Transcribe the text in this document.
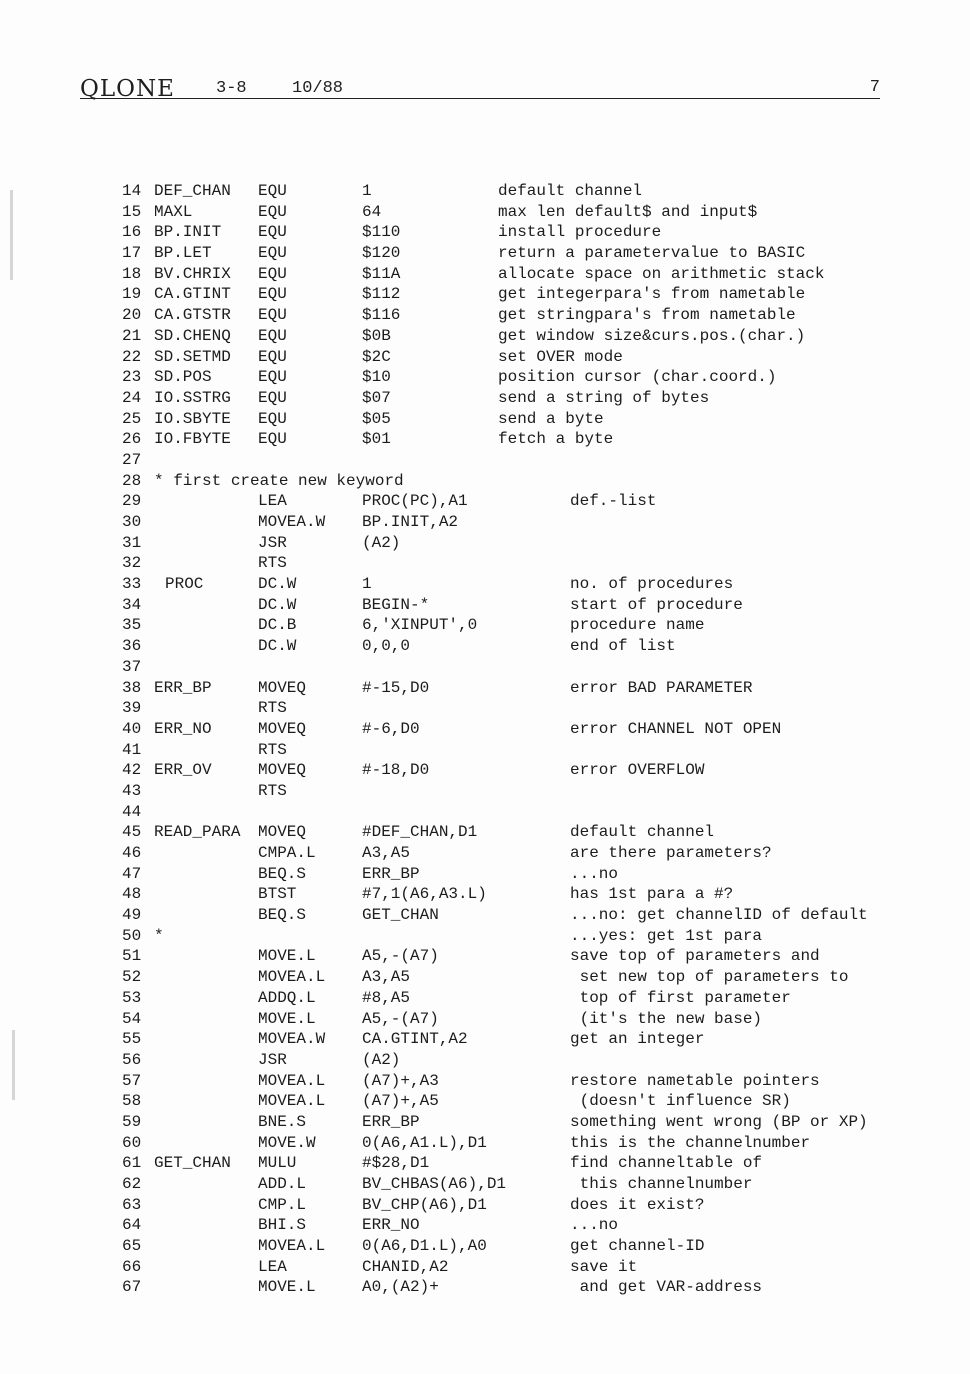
QLONE 3-8	10/88	7
14 DEF_CHAN EQU	1	default channel
15 MAXL	EQU	64	max len default$ and input$
16 BP.INIT EQU	$110	install procedure
17 BP.LET	EQU	$120	return a parametervalue to BASIC
18 BV.CHRIX EQU	$11A	allocate space on arithmetic stack
19 CA.GTINT EQU	$112	get integerpara's from nametable
20 CA.GTSTR EQU	$116	get stringpara's from nametable
21 SD.CHENQ EQU	$0B	get window size&curs.pos.(char.)
22 SD.SETMD EQU	$2C	set OVER mode
23 SD.POS	EQU	$10	position cursor (char.coord.)
24 IO.SSTRG EQU	$07	send a string of bytes
25 IO.SBYTE EQU	$05	send a byte
26 IO.FBYTE EQU	$01	fetch a byte
27
28 * first create new keyword
29	LEA	PROC(PC),A1	def.-list
30	MOVEA.W BP.INIT,A2
31	JSR	(A2)
32	RTS
33 PROC	DC.W	1	no. of procedures
34	DC.W	BEGIN-*	start of procedure
35	DC.B	6,'XINPUT',0	procedure name
36	DC.W	0,0,0	end of list
37
38 ERR_BP	MOVEQ	#-15,D0	error BAD PARAMETER
39	RTS
40 ERR_NO	MOVEQ	#-6,D0	error CHANNEL NOT OPEN
41	RTS
42 ERR_OV	MOVEQ	#-18,D0	error OVERFLOW
43	RTS
44
45 READ_PARA MOVEQ	#DEF_CHAN,D1	default channel
46	CMPA.L	A3,A5	are there parameters?
47	BEQ.S	ERR_BP	...no
48	BTST	#7,1(A6,A3.L)	has 1st para a #?
49	BEQ.S	GET_CHAN	...no: get channelID of default
50 *	...yes: get 1st para
51	MOVE.L	A5,-(A7)	save top of parameters and
52	MOVEA.L A3,A5	set new top of parameters to
53	ADDQ.L	#8,A5	top of first parameter
54	MOVE.L	A5,-(A7)	(it's the new base)
55	MOVEA.W CA.GTINT,A2	get an integer
56	JSR	(A2)
57	MOVEA.L (A7)+,A3	restore nametable pointers
58	MOVEA.L (A7)+,A5	(doesn't influence SR)
59	BNE.S	ERR_BP	something went wrong (BP or XP)
60	MOVE.W	0(A6,A1.L),D1	this is the channelnumber
61 GET_CHAN MULU	#$28,D1	find channeltable of
62	ADD.L	BV_CHBAS(A6),D1	this channelnumber
63	CMP.L	BV_CHP(A6),D1	does it exist?
64	BHI.S	ERR_NO	...no
65	MOVEA.L 0(A6,D1.L),A0	get channel-ID
66	LEA	CHANID,A2	save it
67	MOVE.L	A0,(A2)+	and get VAR-address
